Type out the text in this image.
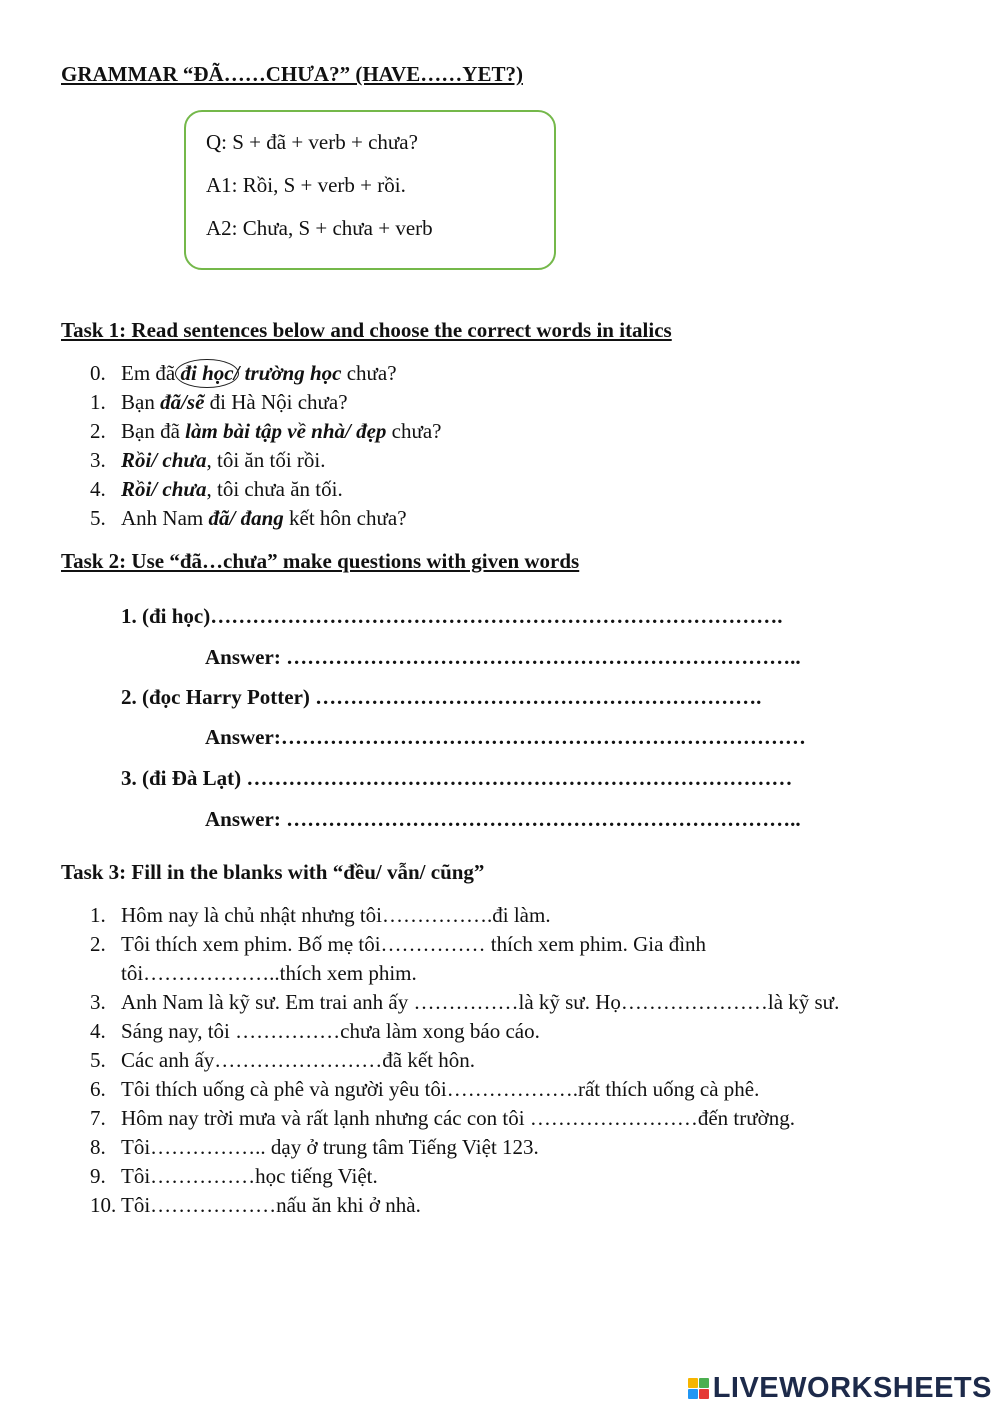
GRAMMAR “ĐÃ……CHƯA?” (HAVE……YET?)
Q: S + đã + verb + chưa?
A1: Rồi, S + verb + rồi.
A2: Chưa, S + chưa + verb
Task 1: Read sentences below and choose the correct words in italics
0. Em đã đi học/ trường học chưa?
1. Bạn đã/sẽ đi Hà Nội chưa?
2. Bạn đã làm bài tập về nhà/ đẹp chưa?
3. Rồi/ chưa, tôi ăn tối rồi.
4. Rồi/ chưa, tôi chưa ăn tối.
5. Anh Nam đã/ đang kết hôn chưa?
Task 2: Use “đã…chưa” make questions with given words
1. (đi học)……………………………………………………………………….
Answer: ………………………………………………………………..
2. (đọc Harry Potter) ……………………………………………………….
Answer:…………………………………………………………………
3. (đi Đà Lạt) ……………………………………………………………………
Answer: ………………………………………………………………..
Task 3: Fill in the blanks with “đều/ vẫn/ cũng”
1. Hôm nay là chủ nhật nhưng tôi…………….đi làm.
2. Tôi thích xem phim. Bố mẹ tôi…………… thích xem phim. Gia đình
tôi………………..thích xem phim.
3. Anh Nam là kỹ sư. Em trai anh ấy ……………là kỹ sư. Họ…………………là kỹ sư.
4. Sáng nay, tôi ……………chưa làm xong báo cáo.
5. Các anh ấy……………………đã kết hôn.
6. Tôi thích uống cà phê và người yêu tôi……………….rất thích uống cà phê.
7. Hôm nay trời mưa và rất lạnh nhưng các con tôi ……………………đến trường.
8. Tôi…………….. dạy ở trung tâm Tiếng Việt 123.
9. Tôi……………học tiếng Việt.
10. Tôi………………nấu ăn khi ở nhà.
LIVEWORKSHEETS
